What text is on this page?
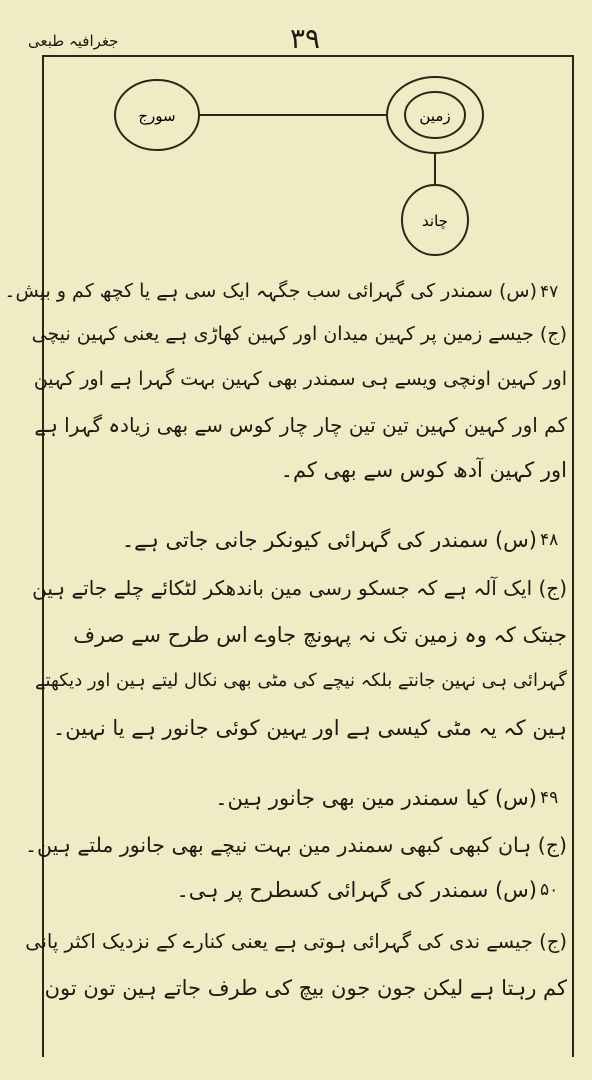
جغرافیہ طبعی	۳۹
سورج	زمین
چاند
۴۷
(س) سمندر کی گہرائی سب جگہہ ایک سی ہے یا کچھ کم و بیش۔
(ج) جیسے زمین پر کہین میدان اور کہین کھاڑی ہے یعنی کہین نیچی
اور کہین اونچی ویسے ہی سمندر بھی کہین بہت گہرا ہے اور کہین
کم اور کہین کہین تین تین چار چار کوس سے بھی زیادہ گہرا ہے
اور کہین آدھ کوس سے بھی کم۔
۴۸
(س) سمندر کی گہرائی کیونکر جانی جاتی ہے۔
(ج) ایک آلہ ہے کہ جسکو رسی مین باندھکر لٹکائے چلے جاتے ہین
جبتک کہ وہ زمین تک نہ پہونچ جاوے اس طرح سے صرف
گہرائی ہی نہین جانتے بلکہ نیچے کی مٹی بھی نکال لیتے ہین اور دیکھتے
ہین کہ یہ مٹی کیسی ہے اور یہین کوئی جانور ہے یا نہین۔
۴۹
(س) کیا سمندر مین بھی جانور ہین۔
(ج) ہان کبھی کبھی سمندر مین بہت نیچے بھی جانور ملتے ہین۔
۵۰
(س) سمندر کی گہرائی کسطرح پر ہی۔
(ج) جیسے ندی کی گہرائی ہوتی ہے یعنی کنارے کے نزدیک اکثر پانی
کم رہتا ہے لیکن جون جون بیچ کی طرف جاتے ہین تون تون
